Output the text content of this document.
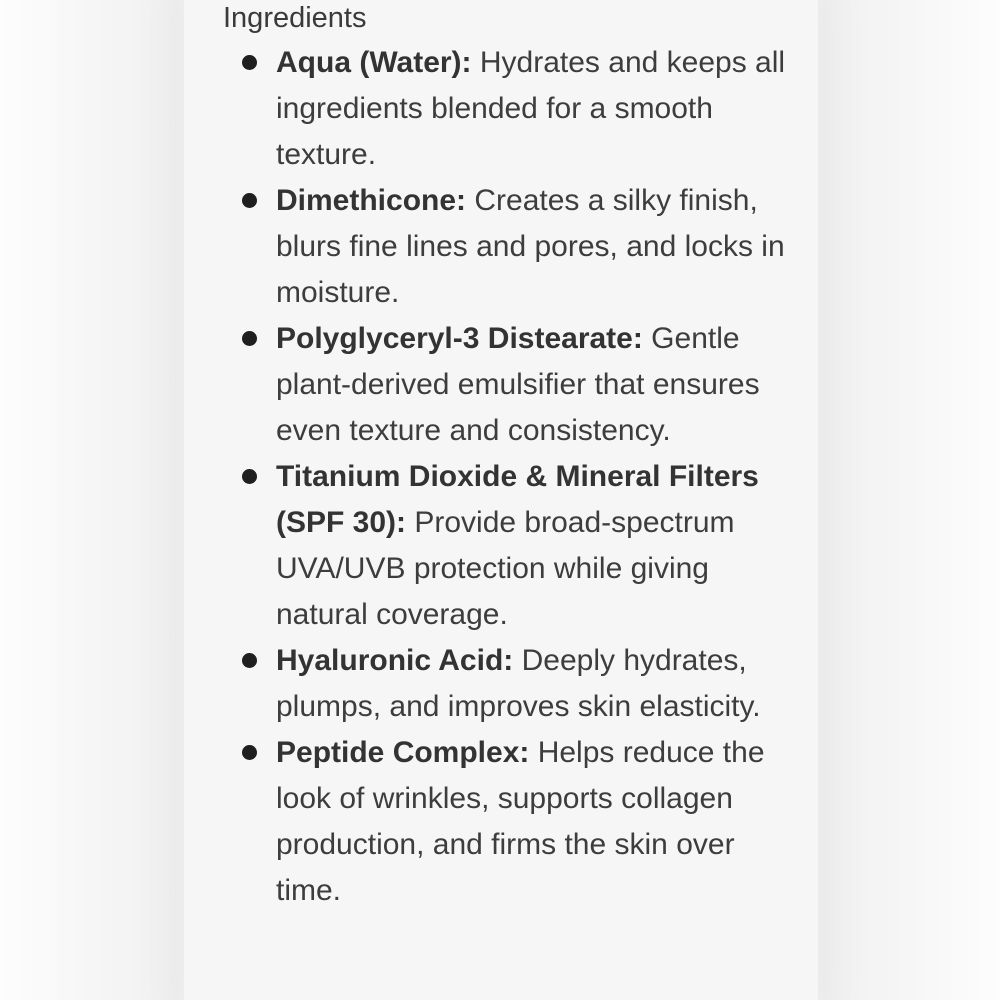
Ingredients
Aqua (Water): Hydrates and keeps all ingredients blended for a smooth texture.
Dimethicone: Creates a silky finish, blurs fine lines and pores, and locks in moisture.
Polyglyceryl-3 Distearate: Gentle plant-derived emulsifier that ensures even texture and consistency.
Titanium Dioxide & Mineral Filters (SPF 30): Provide broad-spectrum UVA/UVB protection while giving natural coverage.
Hyaluronic Acid: Deeply hydrates, plumps, and improves skin elasticity.
Peptide Complex: Helps reduce the look of wrinkles, supports collagen production, and firms the skin over time.
